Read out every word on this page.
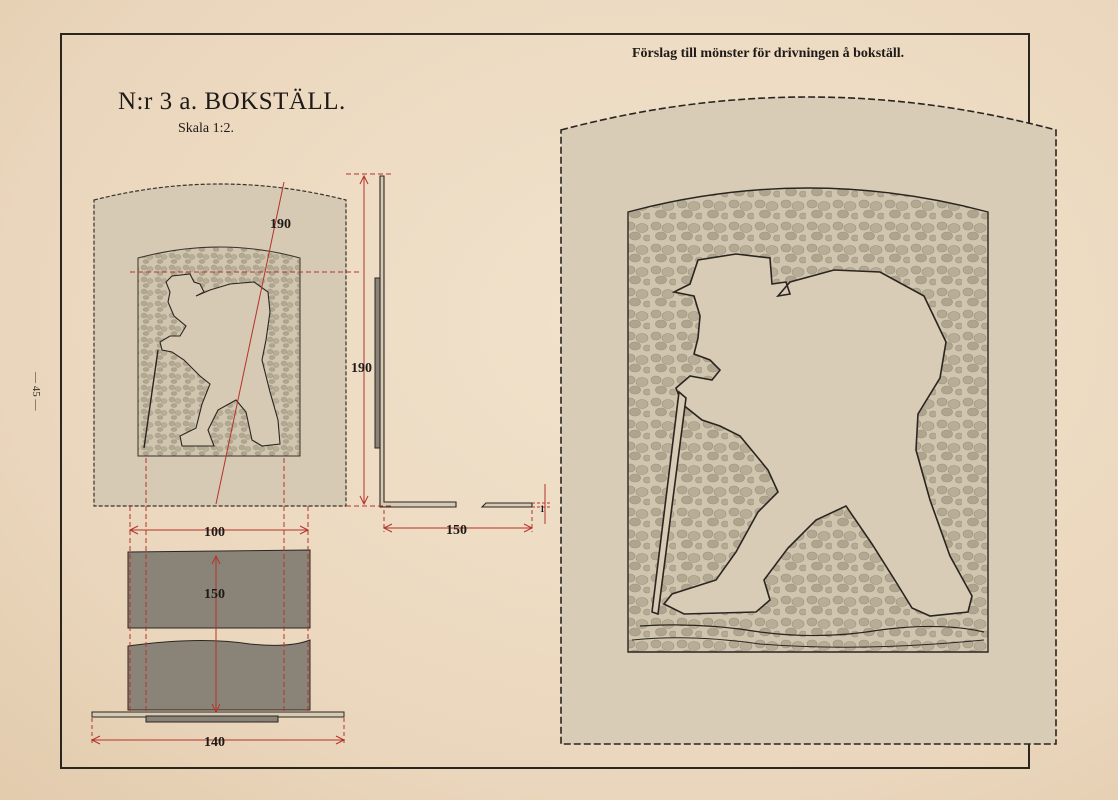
— 45 —
N:r 3 a. BOKSTÄLL.
Skala 1:2.
Förslag till mönster för drivningen å bokställ.
190
190
100
150
150
1
140
